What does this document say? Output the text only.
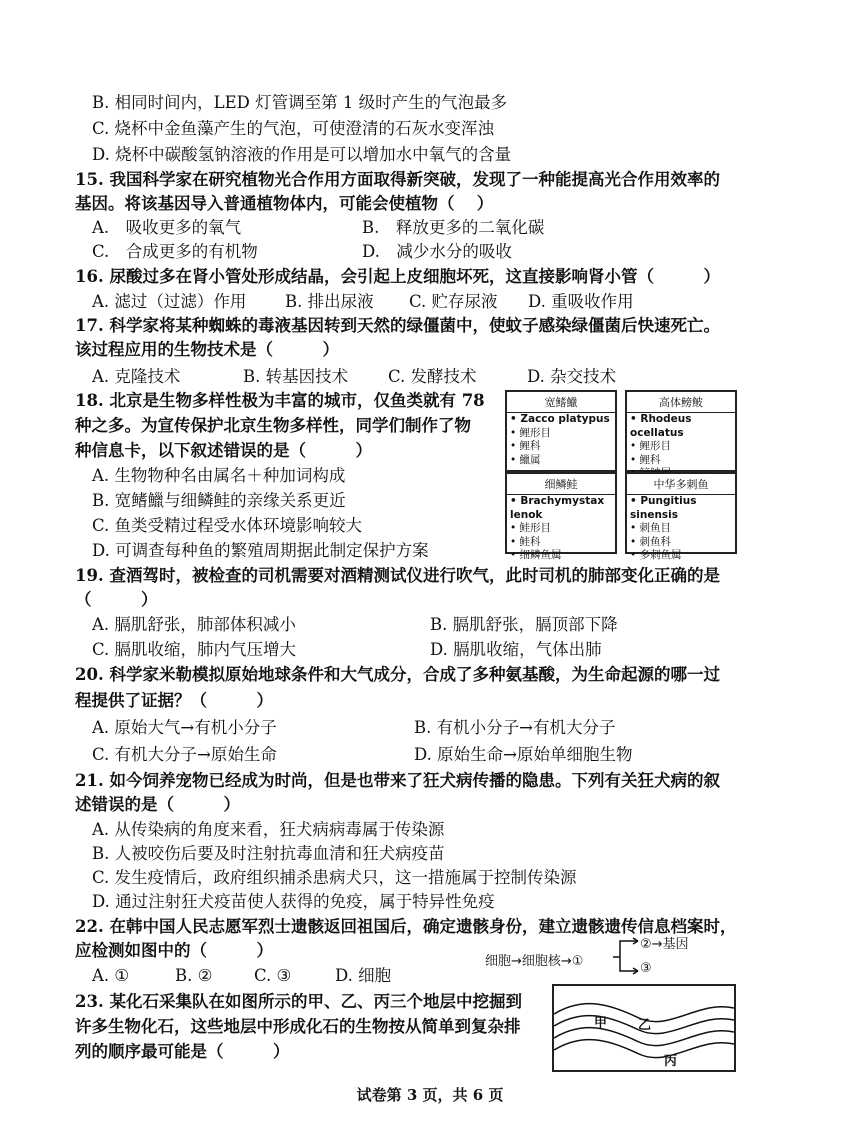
B. 相同时间内，LED 灯管调至第 1 级时产生的气泡最多
C. 烧杯中金鱼藻产生的气泡，可使澄清的石灰水变浑浊
D. 烧杯中碳酸氢钠溶液的作用是可以增加水中氧气的含量
15. 我国科学家在研究植物光合作用方面取得新突破，发现了一种能提高光合作用效率的
基因。将该基因导入普通植物体内，可能会使植物（　 ）
A.　吸收更多的氧气	B.　释放更多的二氧化碳
C.　合成更多的有机物	D.　减少水分的吸收
16. 尿酸过多在肾小管处形成结晶，会引起上皮细胞坏死，这直接影响肾小管（　　　）
A. 滤过（过滤）作用 B. 排出尿液 C. 贮存尿液 D. 重吸收作用
17. 科学家将某种蜘蛛的毒液基因转到天然的绿僵菌中，使蚊子感染绿僵菌后快速死亡。
该过程应用的生物技术是（　　　）
A. 克隆技术	B. 转基因技术 C. 发酵技术	D. 杂交技术
18. 北京是生物多样性极为丰富的城市，仅鱼类就有 78
种之多。为宣传保护北京生物多样性，同学们制作了物
种信息卡，以下叙述错误的是（　　　）
A. 生物物种名由属名＋种加词构成
B. 宽鳍鱲与细鳞鲑的亲缘关系更近
C. 鱼类受精过程受水体环境影响较大
D. 可调查每种鱼的繁殖周期据此制定保护方案
宽鳍鱲
• Zacco platypus
• 鲤形目
• 鲤科
• 鱲属
高体鳑鲏
• Rhodeus ocellatus
• 鲤形目
• 鲤科
细鳞鲑
• Brachymystax lenok
• 鲑形目
• 鲑科
• 细鳞鱼属
中华多刺鱼
• Pungitius sinensis
• 刺鱼目
• 刺鱼科
• 多刺鱼属
19. 查酒驾时，被检查的司机需要对酒精测试仪进行吹气，此时司机的肺部变化正确的是
（　　　）
A. 膈肌舒张，肺部体积减小	B. 膈肌舒张，膈顶部下降
C. 膈肌收缩，肺内气压增大	D. 膈肌收缩，气体出肺
20. 科学家米勒模拟原始地球条件和大气成分，合成了多种氨基酸，为生命起源的哪一过
程提供了证据？（　　　）
A. 原始大气→有机小分子	B. 有机小分子→有机大分子
C. 有机大分子→原始生命	D. 原始生命→原始单细胞生物
21. 如今饲养宠物已经成为时尚，但是也带来了狂犬病传播的隐患。下列有关狂犬病的叙
述错误的是（　　　）
A. 从传染病的角度来看，狂犬病病毒属于传染源
B. 人被咬伤后要及时注射抗毒血清和狂犬病疫苗
C. 发生疫情后，政府组织捕杀患病犬只，这一措施属于控制传染源
D. 通过注射狂犬疫苗使人获得的免疫，属于特异性免疫
22. 在韩中国人民志愿军烈士遗骸返回祖国后，确定遗骸身份，建立遗骸遗传信息档案时，
应检测如图中的（　　　）
A. ①	B. ②	C. ③	D. 细胞
细胞→细胞核→①
②→基因
③
23. 某化石采集队在如图所示的甲、乙、丙三个地层中挖掘到
许多生物化石，这些地层中形成化石的生物按从简单到复杂排
列的顺序最可能是（　　　）
甲 乙
丙
试卷第 3 页，共 6 页
